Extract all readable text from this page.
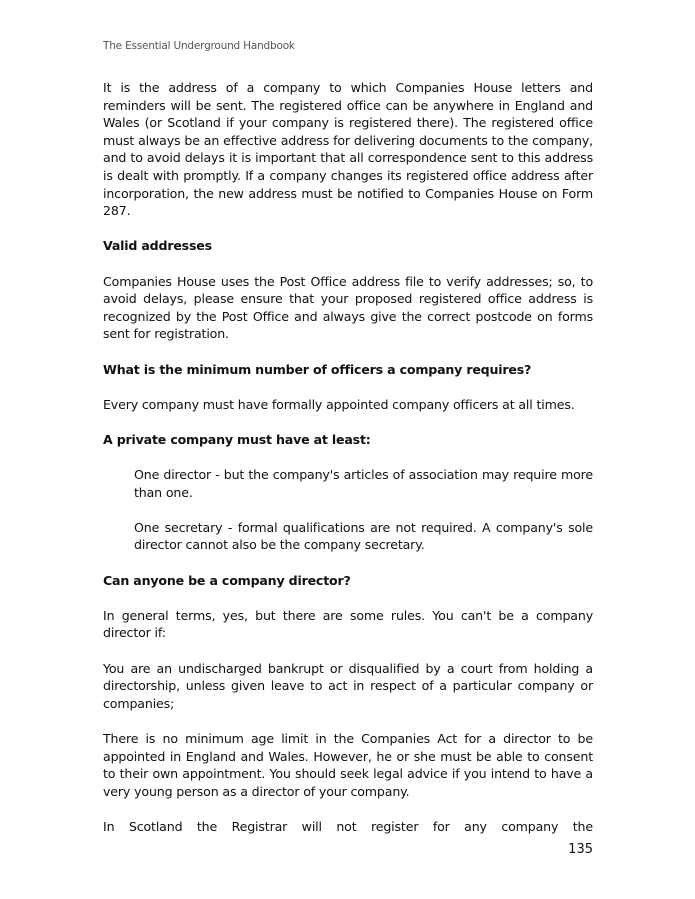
The Essential Underground Handbook

It is the address of a company to which Companies House letters and reminders will be sent. The registered office can be anywhere in England and Wales (or Scotland if your company is registered there). The registered office must always be an effective address for delivering documents to the company, and to avoid delays it is important that all correspondence sent to this address is dealt with promptly. If a company changes its registered office address after incorporation, the new address must be notified to Companies House on Form 287.

Valid addresses

Companies House uses the Post Office address file to verify addresses; so, to avoid delays, please ensure that your proposed registered office address is recognized by the Post Office and always give the correct postcode on forms sent for registration.

What is the minimum number of officers a company requires?

Every company must have formally appointed company officers at all times.

A private company must have at least:

One director - but the company's articles of association may require more than one.

One secretary - formal qualifications are not required. A company's sole director cannot also be the company secretary.

Can anyone be a company director?

In general terms, yes, but there are some rules. You can't be a company director if:

You are an undischarged bankrupt or disqualified by a court from holding a directorship, unless given leave to act in respect of a particular company or companies;

There is no minimum age limit in the Companies Act for a director to be appointed in England and Wales. However, he or she must be able to consent to their own appointment. You should seek legal advice if you intend to have a very young person as a director of your company.

In Scotland the Registrar will not register for any company the

135
